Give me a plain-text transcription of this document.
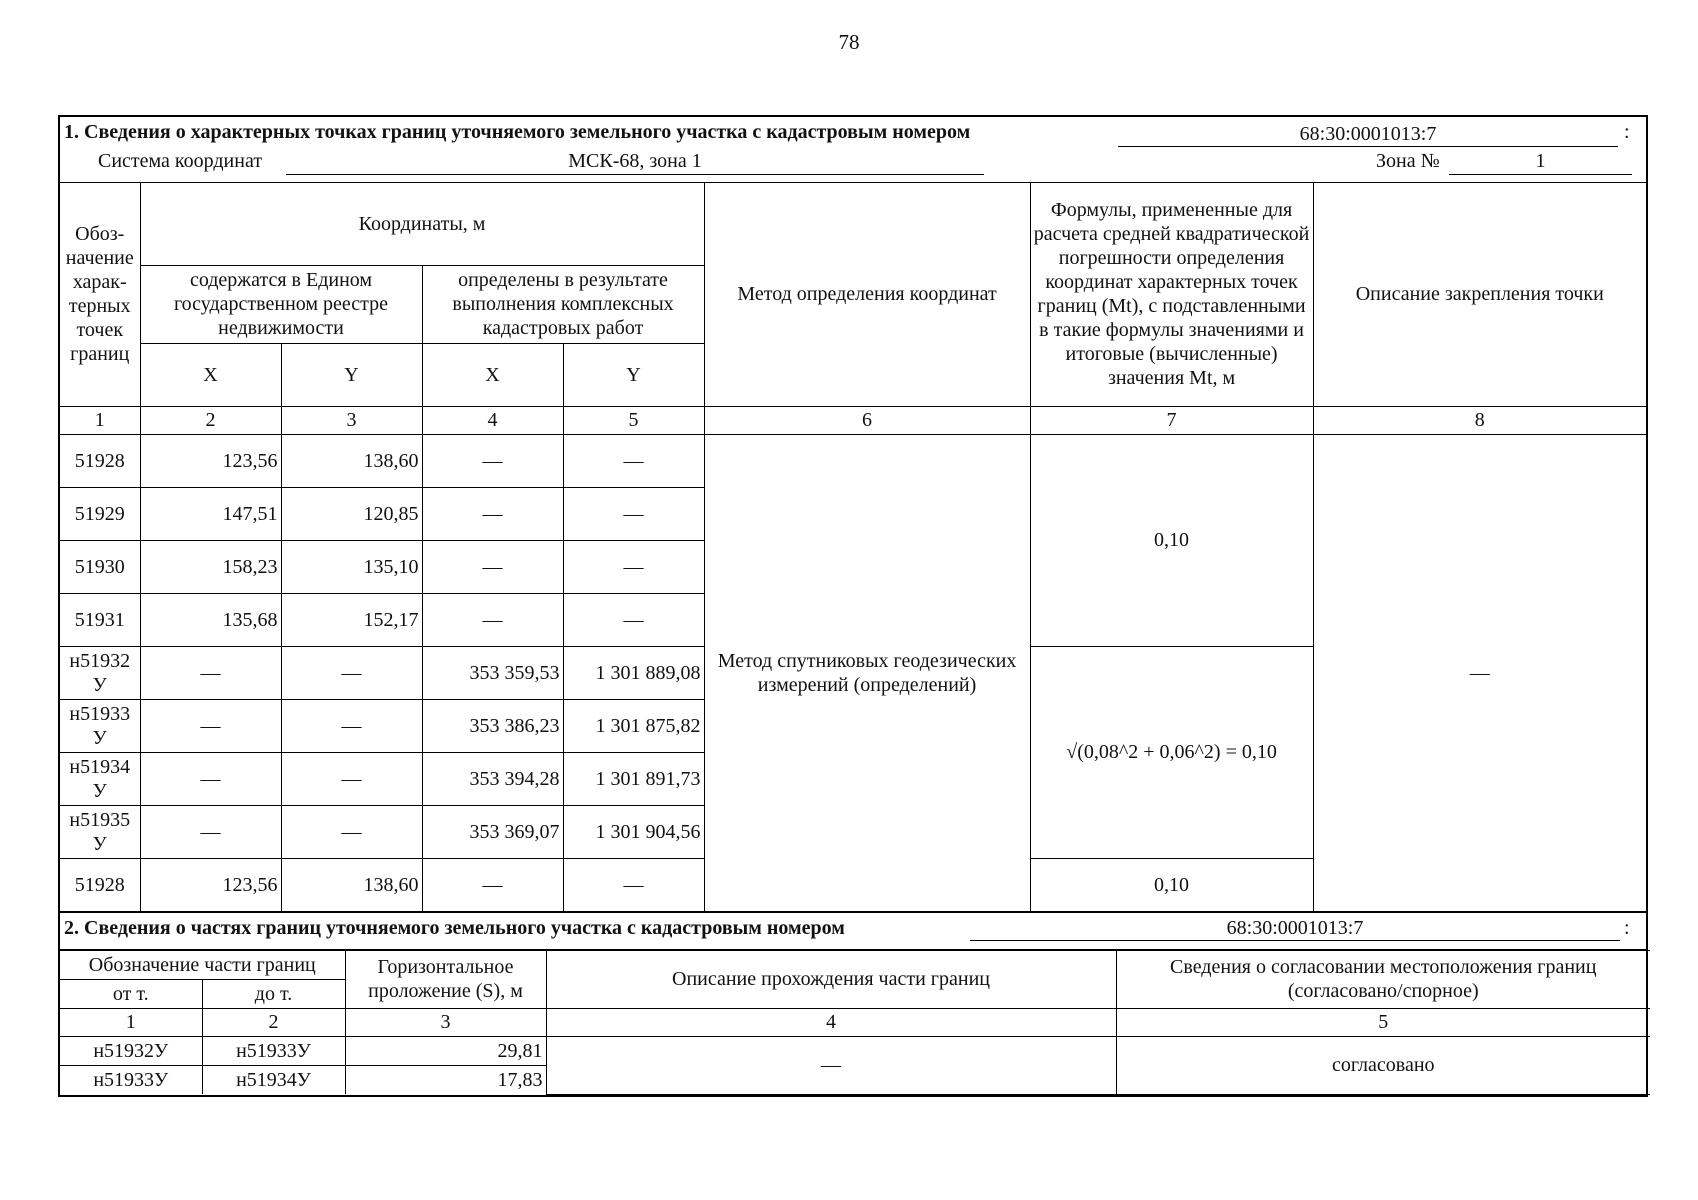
78
1. Сведения о характерных точках границ уточняемого земельного участка с кадастровым номером	68:30:0001013:7	:
Система координат	МСК-68, зона 1	Зона №	1
Обоз-начение харак-терных точек границ	Координаты, м				Метод определения координат	Формулы, примененные для расчета средней квадратической погрешности определения координат характерных точек границ (Mt), с подставленными в такие формулы значениями и итоговые (вычисленные) значения Mt, м	Описание закрепления точки
	содержатся в Едином государственном реестре недвижимости		определены в результате выполнения комплексных кадастровых работ				
	X	Y	X	Y			
1	2	3	4	5	6	7	8
51928	123,56	138,60	—	—	Метод спутниковых геодезических измерений (определений)	0,10	—
51929	147,51	120,85	—	—			
51930	158,23	135,10	—	—			
51931	135,68	152,17	—	—			
н51932 У	—	—	353 359,53	1 301 889,08		√(0,08^2 + 0,06^2) = 0,10	
н51933 У	—	—	353 386,23	1 301 875,82			
н51934 У	—	—	353 394,28	1 301 891,73			
н51935 У	—	—	353 369,07	1 301 904,56			
51928	123,56	138,60	—	—		0,10	
2. Сведения о частях границ уточняемого земельного участка с кадастровым номером	68:30:0001013:7	:
Обозначение части границ		Горизонтальное проложение (S), м	Описание прохождения части границ	Сведения о согласовании местоположения границ (согласовано/спорное)
от т.	до т.			
1	2	3	4	5
н51932У	н51933У	29,81	—	согласовано
н51933У	н51934У	17,83		
